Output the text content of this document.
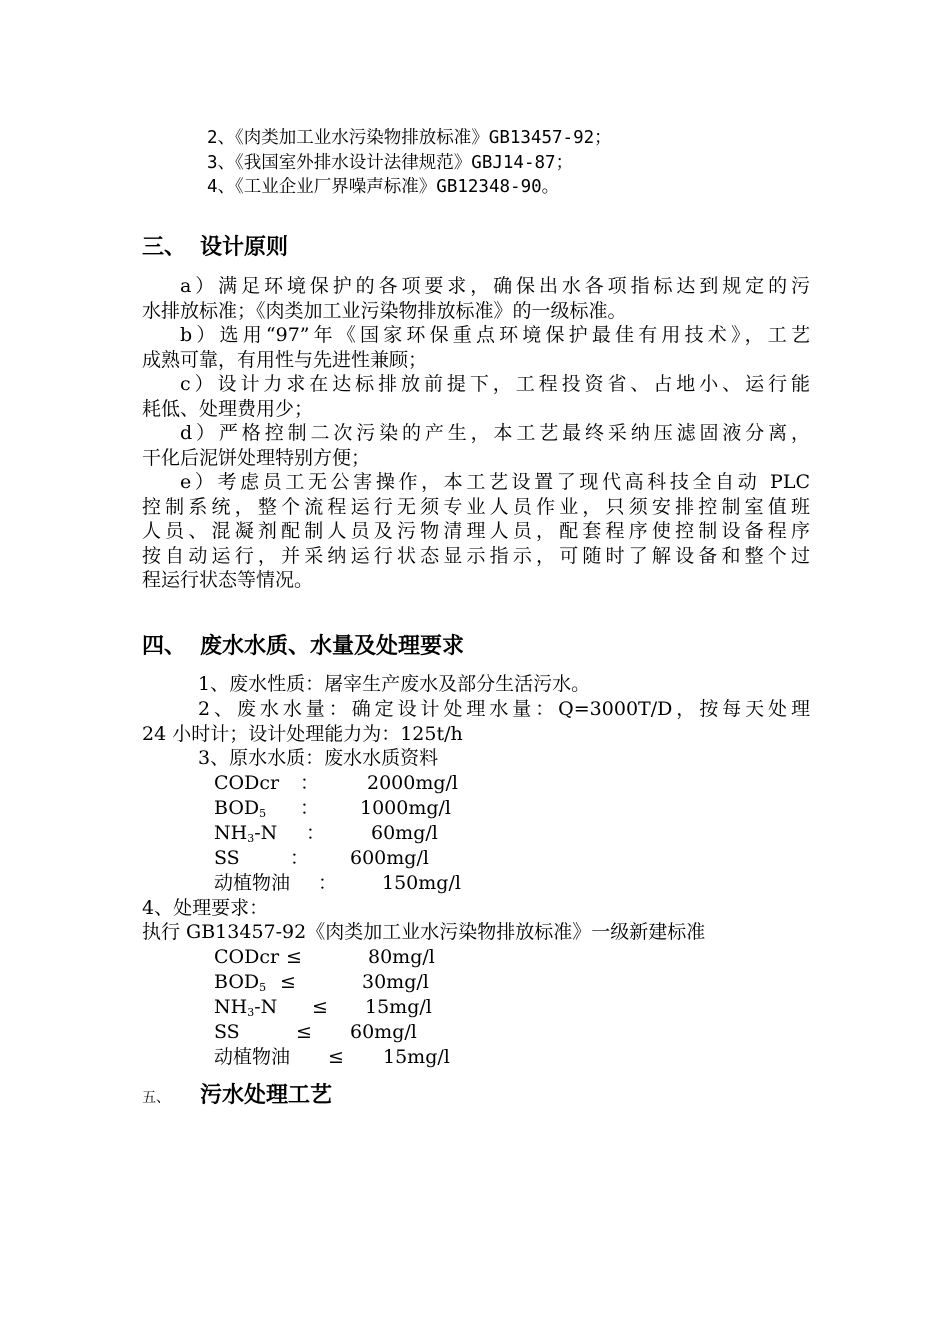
2、《肉类加工业水污染物排放标准》GB13457-92；
3、《我国室外排水设计法律规范》GBJ14-87；
4、《工业企业厂界噪声标准》GB12348-90。
三、 设计原则
a）满足环境保护的各项要求，确保出水各项指标达到规定的污
水排放标准；《肉类加工业污染物排放标准》的一级标准。
b）选用“97”年《国家环保重点环境保护最佳有用技术》，工艺
成熟可靠，有用性与先进性兼顾；
c）设计力求在达标排放前提下，工程投资省、占地小、运行能
耗低、处理费用少；
d）严格控制二次污染的产生，本工艺最终采纳压滤固液分离，
干化后泥饼处理特别方便；
e）考虑员工无公害操作，本工艺设置了现代高科技全自动 PLC
控制系统，整个流程运行无须专业人员作业，只须安排控制室值班
人员、混凝剂配制人员及污物清理人员，配套程序使控制设备程序
按自动运行，并采纳运行状态显示指示，可随时了解设备和整个过
程运行状态等情况。
四、 废水水质、水量及处理要求
1、废水性质：屠宰生产废水及部分生活污水。
2、废水水量：确定设计处理水量：Q=3000T/D，按每天处理
24 小时计；设计处理能力为：125t/h
3、原水水质：废水水质资料
CODcr ：	2000mg/l
$BOD_5$ ： 1000mg/l
$NH_3-N$ ： 60mg/l
SS	： 600mg/l
动植物油 ： 150mg/l
4、处理要求：
执行 GB13457-92《肉类加工业水污染物排放标准》一级新建标准
CODcr ≤	80mg/l
$BOD_5$ ≤	30mg/l
$NH_3-N \le 15mg/l$
SS	≤ 60mg/l
动植物油 ≤ 15mg/l
五、 污水处理工艺
